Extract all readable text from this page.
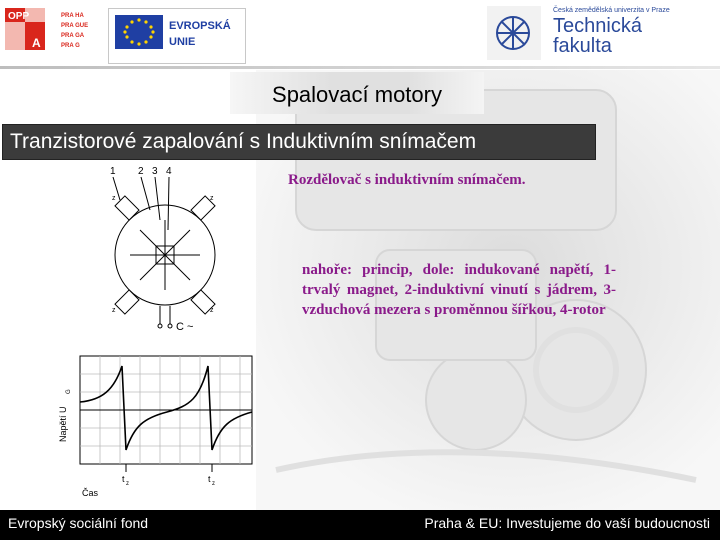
OPP
A
PRA HA
PRA GUE
PRA GA
PRA G
EVROPSKÁ
UNIE
Česká zemědělská univerzita v Praze
Technická
fakulta
Spalovací motory
Tranzistorové zapalování s Induktivním snímačem
Rozdělovač s induktivním snímačem.
nahoře: princip, dole: indukované napětí, 1-trvalý magnet, 2-induktivní vinutí s jádrem, 3-vzduchová mezera s proměnnou šířkou, 4-rotor
1 2 3 4
z	z
z	z
C ~
t z	t z
Čas
Napětí U
G
Evropský sociální fond	Praha & EU: Investujeme do vaší budoucnosti
